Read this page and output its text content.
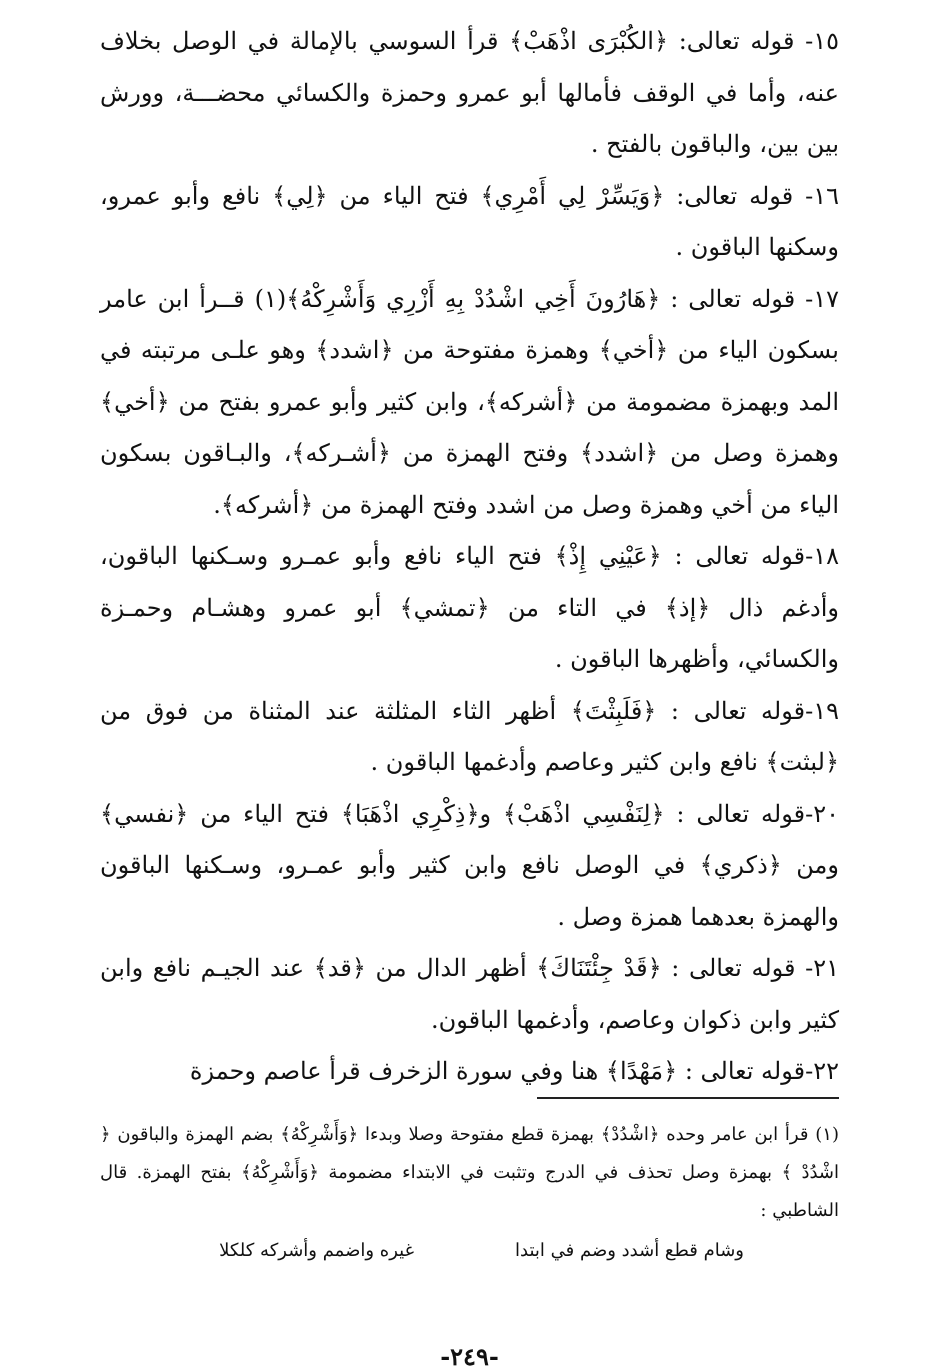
١٥- قوله تعالى: ﴿الكُبْرَى اذْهَبْ﴾ قرأ السوسي بالإمالة في الوصل بخلاف عنه، وأما في الوقف فأمالها أبو عمرو وحمزة والكسائي محضـــة، وورش بين بين، والباقون بالفتح .

١٦- قوله تعالى: ﴿وَيَسِّرْ لِي أَمْرِي﴾ فتح الياء من ﴿لِي﴾ نافع وأبو عمرو، وسكنها الباقون .

١٧- قوله تعالى : ﴿هَارُونَ أَخِي اشْدُدْ بِهِ أَزْرِي وَأَشْرِكْهُ﴾(١) قــرأ ابن عامر بسكون الياء من ﴿أخي﴾ وهمزة مفتوحة من ﴿اشدد﴾ وهو علـى مرتبته في المد وبهمزة مضمومة من ﴿أشركه﴾، وابن كثير وأبو عمرو بفتح من ﴿أخي﴾ وهمزة وصل من ﴿اشدد﴾ وفتح الهمزة من ﴿أشـركه﴾، والبـاقون بسكون الياء من أخي وهمزة وصل من اشدد وفتح الهمزة من ﴿أشركه﴾.

١٨-قوله تعالى : ﴿عَيْنِي إِذْ﴾ فتح الياء نافع وأبو عمـرو وسـكنها الباقون، وأدغم ذال ﴿إذ﴾ في التاء من ﴿تمشي﴾ أبو عمرو وهشـام وحمـزة والكسائي، وأظهرها الباقون .

١٩-قوله تعالى : ﴿فَلَبِثْتَ﴾ أظهر الثاء المثلثة عند المثناة من فوق من ﴿لبثت﴾ نافع وابن كثير وعاصم وأدغمها الباقون .

٢٠-قوله تعالى : ﴿لِنَفْسِي اذْهَبْ﴾ و﴿ذِكْرِي اذْهَبَا﴾ فتح الياء من ﴿نفسي﴾ ومن ﴿ذكري﴾ في الوصل نافع وابن كثير وأبو عمـرو، وسـكنها الباقون والهمزة بعدهما همزة وصل .

٢١- قوله تعالى : ﴿قَدْ جِئْتَنَاكَ﴾ أظهر الدال من ﴿قد﴾ عند الجيـم نافع وابن كثير وابن ذكوان وعاصم، وأدغمها الباقون.

٢٢-قوله تعالى : ﴿مَهْدًا﴾ هنا وفي سورة الزخرف قرأ عاصم وحمزة

(١) قرأ ابن عامر وحده ﴿اشْدُدْ﴾ بهمزة قطع مفتوحة وصلا وبدءا ﴿وَأَشْرِكْهُ﴾ بضم الهمزة والباقون ﴿ اشْدُدْ ﴾ بهمزة وصل تحذف في الدرج وتثبت في الابتداء مضمومة ﴿وَأَشْرِكْهُ﴾ بفتح الهمزة. قال الشاطبي :

وشام قطع أشدد وضم في ابتدا
غيره واضمم وأشركه كلكلا
-٢٤٩-
